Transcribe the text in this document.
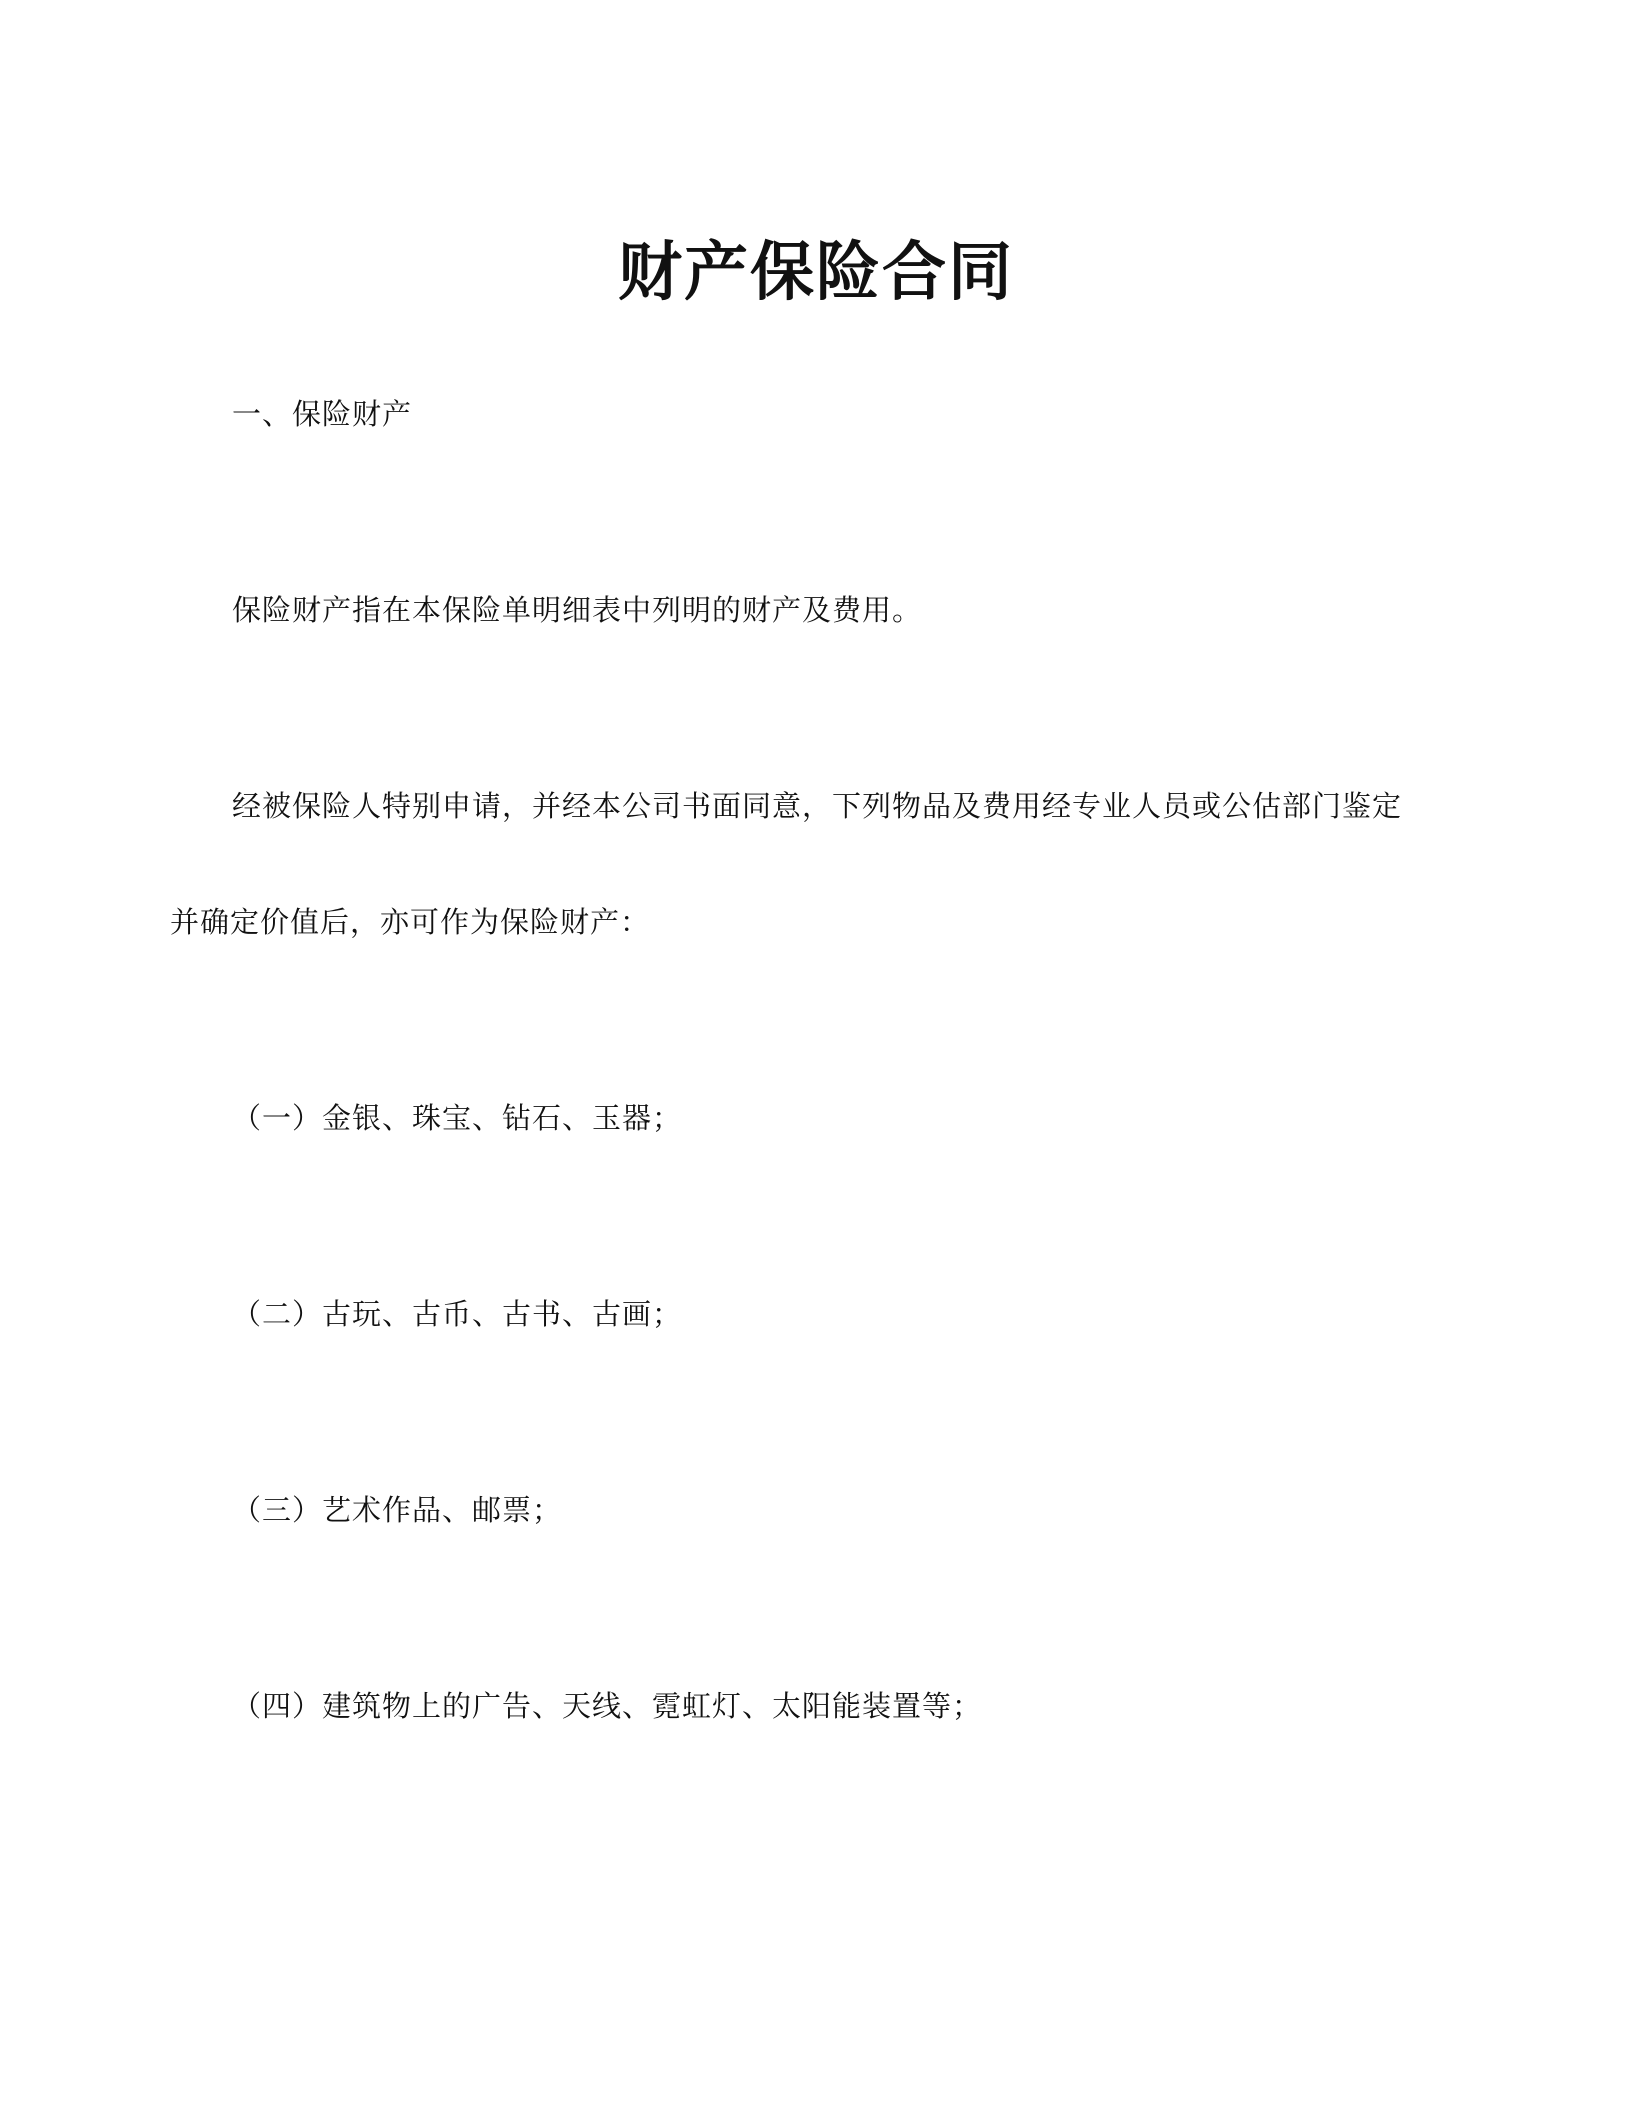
财产保险合同
一、保险财产
保险财产指在本保险单明细表中列明的财产及费用。
经被保险人特别申请，并经本公司书面同意，下列物品及费用经专业人员或公估部门鉴定
并确定价值后，亦可作为保险财产：
（一）金银、珠宝、钻石、玉器；
（二）古玩、古币、古书、古画；
（三）艺术作品、邮票；
（四）建筑物上的广告、天线、霓虹灯、太阳能装置等；
